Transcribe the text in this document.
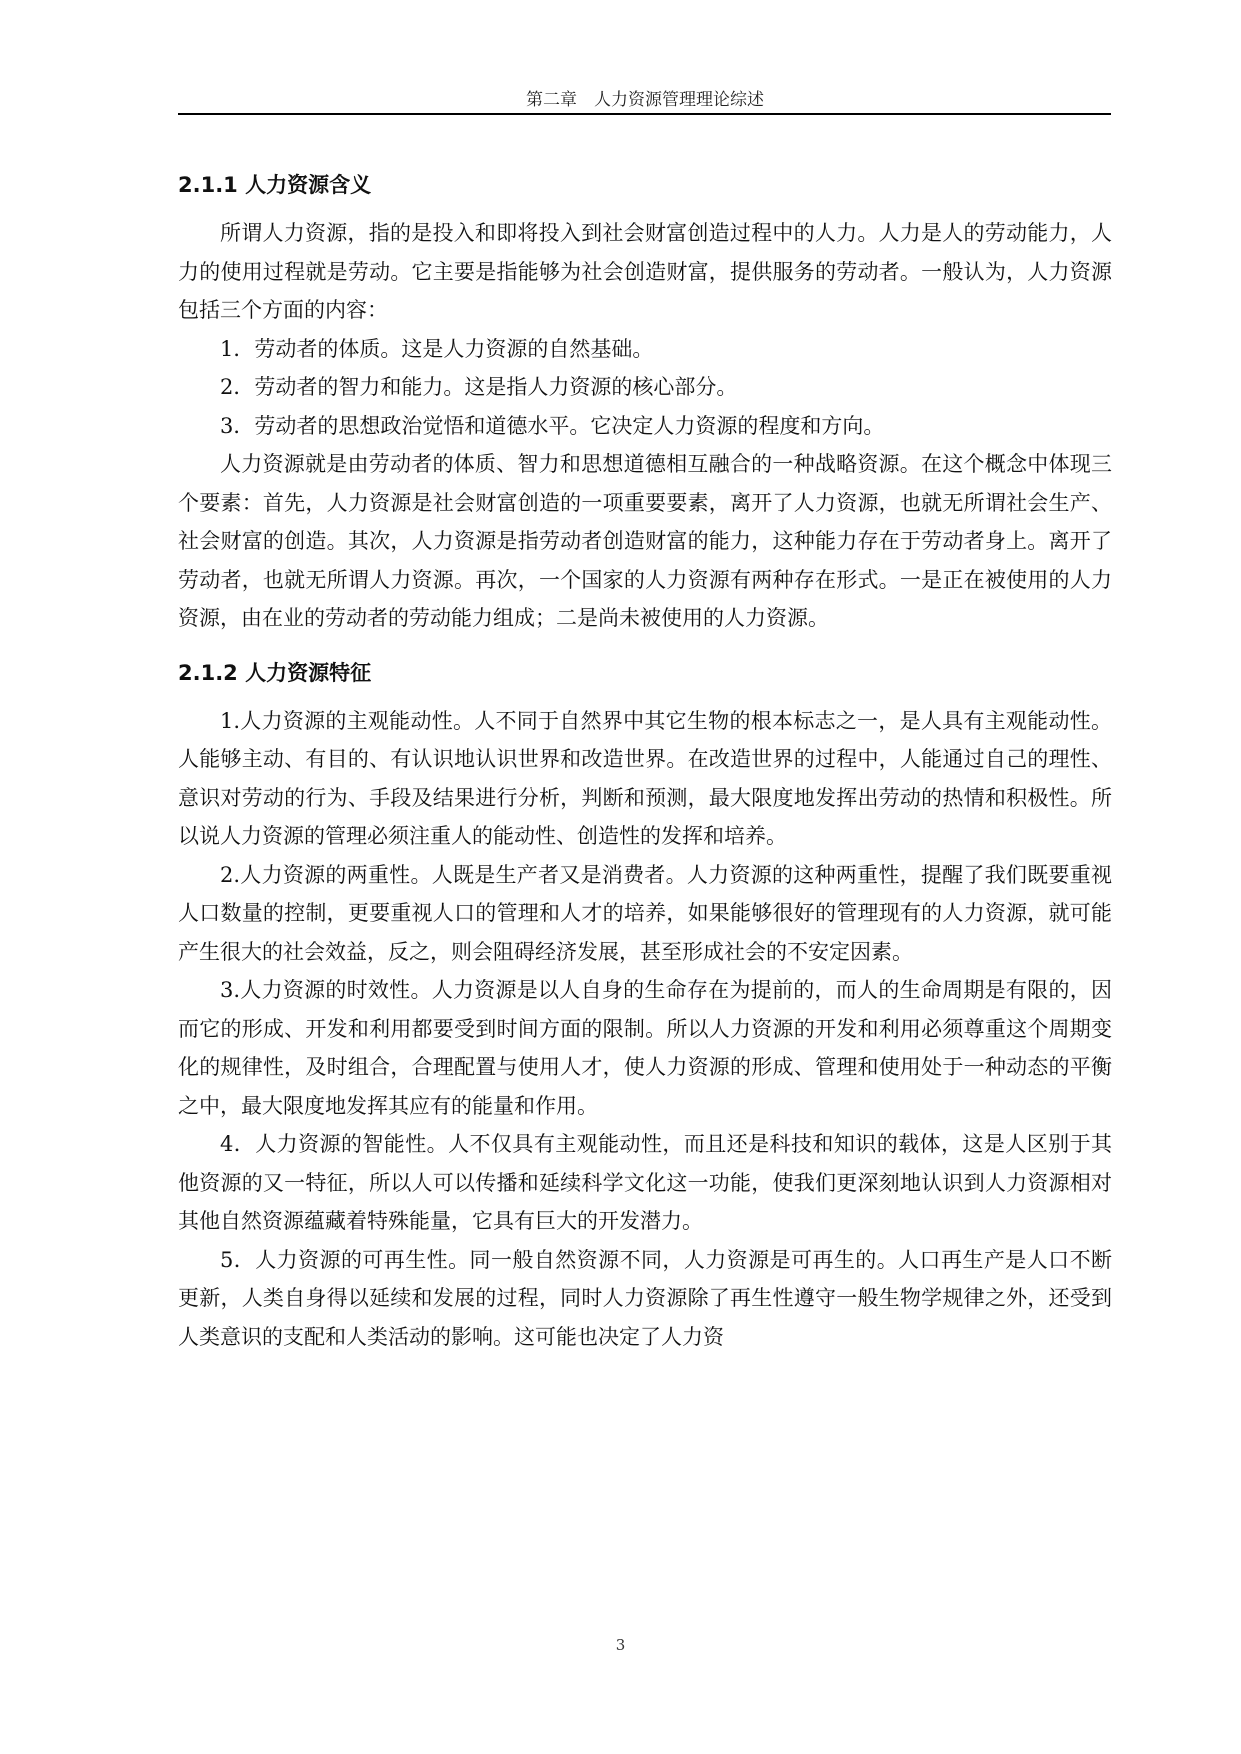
第二章　人力资源管理理论综述
2.1.1 人力资源含义

所谓人力资源，指的是投入和即将投入到社会财富创造过程中的人力。人力是人的劳动能力，人力的使用过程就是劳动。它主要是指能够为社会创造财富，提供服务的劳动者。一般认为，人力资源包括三个方面的内容：

1．劳动者的体质。这是人力资源的自然基础。

2．劳动者的智力和能力。这是指人力资源的核心部分。

3．劳动者的思想政治觉悟和道德水平。它决定人力资源的程度和方向。

人力资源就是由劳动者的体质、智力和思想道德相互融合的一种战略资源。在这个概念中体现三个要素：首先，人力资源是社会财富创造的一项重要要素，离开了人力资源，也就无所谓社会生产、社会财富的创造。其次，人力资源是指劳动者创造财富的能力，这种能力存在于劳动者身上。离开了劳动者，也就无所谓人力资源。再次，一个国家的人力资源有两种存在形式。一是正在被使用的人力资源，由在业的劳动者的劳动能力组成；二是尚未被使用的人力资源。

2.1.2 人力资源特征

1.人力资源的主观能动性。人不同于自然界中其它生物的根本标志之一，是人具有主观能动性。人能够主动、有目的、有认识地认识世界和改造世界。在改造世界的过程中，人能通过自己的理性、意识对劳动的行为、手段及结果进行分析，判断和预测，最大限度地发挥出劳动的热情和积极性。所以说人力资源的管理必须注重人的能动性、创造性的发挥和培养。

2.人力资源的两重性。人既是生产者又是消费者。人力资源的这种两重性，提醒了我们既要重视人口数量的控制，更要重视人口的管理和人才的培养，如果能够很好的管理现有的人力资源，就可能产生很大的社会效益，反之，则会阻碍经济发展，甚至形成社会的不安定因素。

3.人力资源的时效性。人力资源是以人自身的生命存在为提前的，而人的生命周期是有限的，因而它的形成、开发和利用都要受到时间方面的限制。所以人力资源的开发和利用必须尊重这个周期变化的规律性，及时组合，合理配置与使用人才，使人力资源的形成、管理和使用处于一种动态的平衡之中，最大限度地发挥其应有的能量和作用。

4．人力资源的智能性。人不仅具有主观能动性，而且还是科技和知识的载体，这是人区别于其他资源的又一特征，所以人可以传播和延续科学文化这一功能，使我们更深刻地认识到人力资源相对其他自然资源蕴藏着特殊能量，它具有巨大的开发潜力。

5．人力资源的可再生性。同一般自然资源不同，人力资源是可再生的。人口再生产是人口不断更新，人类自身得以延续和发展的过程，同时人力资源除了再生性遵守一般生物学规律之外，还受到人类意识的支配和人类活动的影响。这可能也决定了人力资

3
